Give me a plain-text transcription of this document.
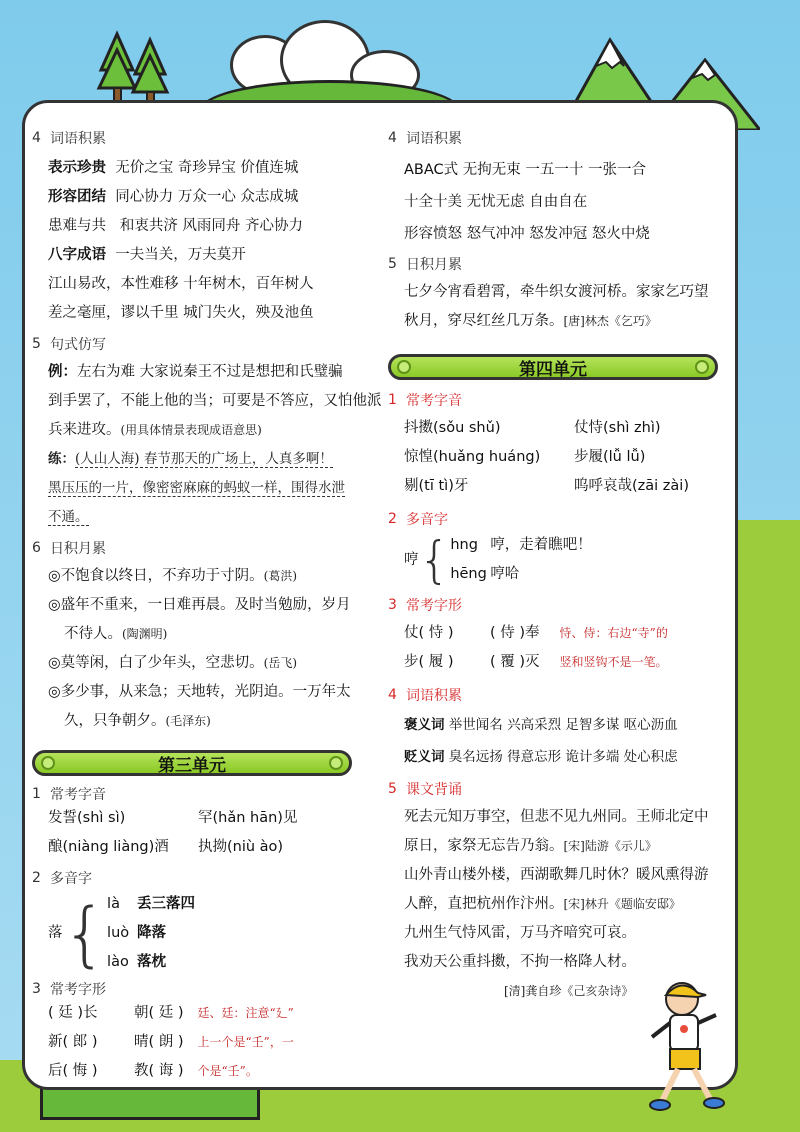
4 词语积累
表示珍贵 无价之宝 奇珍异宝 价值连城
形容团结 同心协力 万众一心 众志成城
患难与共 和衷共济 风雨同舟 齐心协力
八字成语 一夫当关，万夫莫开
江山易改，本性难移 十年树木，百年树人
差之毫厘，谬以千里 城门失火，殃及池鱼
5 句式仿写
例：左右为难 大家说秦王不过是想把和氏璧骗
到手罢了，不能上他的当；可要是不答应，又怕他派
兵来进攻。(用具体情景表现成语意思)
练：(人山人海) 春节那天的广场上，人真多啊！
黑压压的一片，像密密麻麻的蚂蚁一样，围得水泄
不通。
6 日积月累
◎不饱食以终日，不弃功于寸阴。(葛洪)
◎盛年不重来，一日难再晨。及时当勉励，岁月
不待人。(陶渊明)
◎莫等闲，白了少年头，空悲切。(岳飞)
◎多少事，从来急；天地转，光阴迫。一万年太
久，只争朝夕。(毛泽东)
第三单元
1 常考字音
发誓(shì sì)	罕(hǎn hān)见
酿(niàng liàng)酒 执拗(niù ào)
2 多音字
落 { là 丢三落四
luò 降落
lào 落枕
3 常考字形
( 廷 )长	朝( 廷 )
新( 郎 )	晴( 朗 )
后( 悔 )	教( 诲 )
廷、廷：注意“廴”
上一个是“壬”，一
个是“壬”。
4 词语积累
ABAC式 无拘无束 一五一十 一张一合
十全十美 无忧无虑 自由自在
形容愤怒 怒气冲冲 怒发冲冠 怒火中烧
5 日积月累
七夕今宵看碧霄，牵牛织女渡河桥。家家乞巧望
秋月，穿尽红丝几万条。[唐]林杰《乞巧》
第四单元
1 常考字音
抖擞(sǒu shǔ)	仗恃(shì zhì)
惊惶(huǎng huáng) 步履(lǚ lǚ)
剔(tī tì)牙	呜呼哀哉(zāi zài)
2 多音字
哼 { hng 哼，走着瞧吧！
hēng 哼哈
3 常考字形
仗( 恃 )	( 侍 )奉
步( 履 )	( 覆 )灭
恃、侍：右边“寺”的
竖和竖钩不是一笔。
4 词语积累
褒义词 举世闻名 兴高采烈 足智多谋 呕心沥血
贬义词 臭名远扬 得意忘形 诡计多端 处心积虑
5 课文背诵
死去元知万事空，但悲不见九州同。王师北定中
原日，家祭无忘告乃翁。[宋]陆游《示儿》
山外青山楼外楼，西湖歌舞几时休？暖风熏得游
人醉，直把杭州作汴州。[宋]林升《题临安邸》
九州生气恃风雷，万马齐喑究可哀。
我劝天公重抖擞，不拘一格降人材。
[清]龚自珍《己亥杂诗》
